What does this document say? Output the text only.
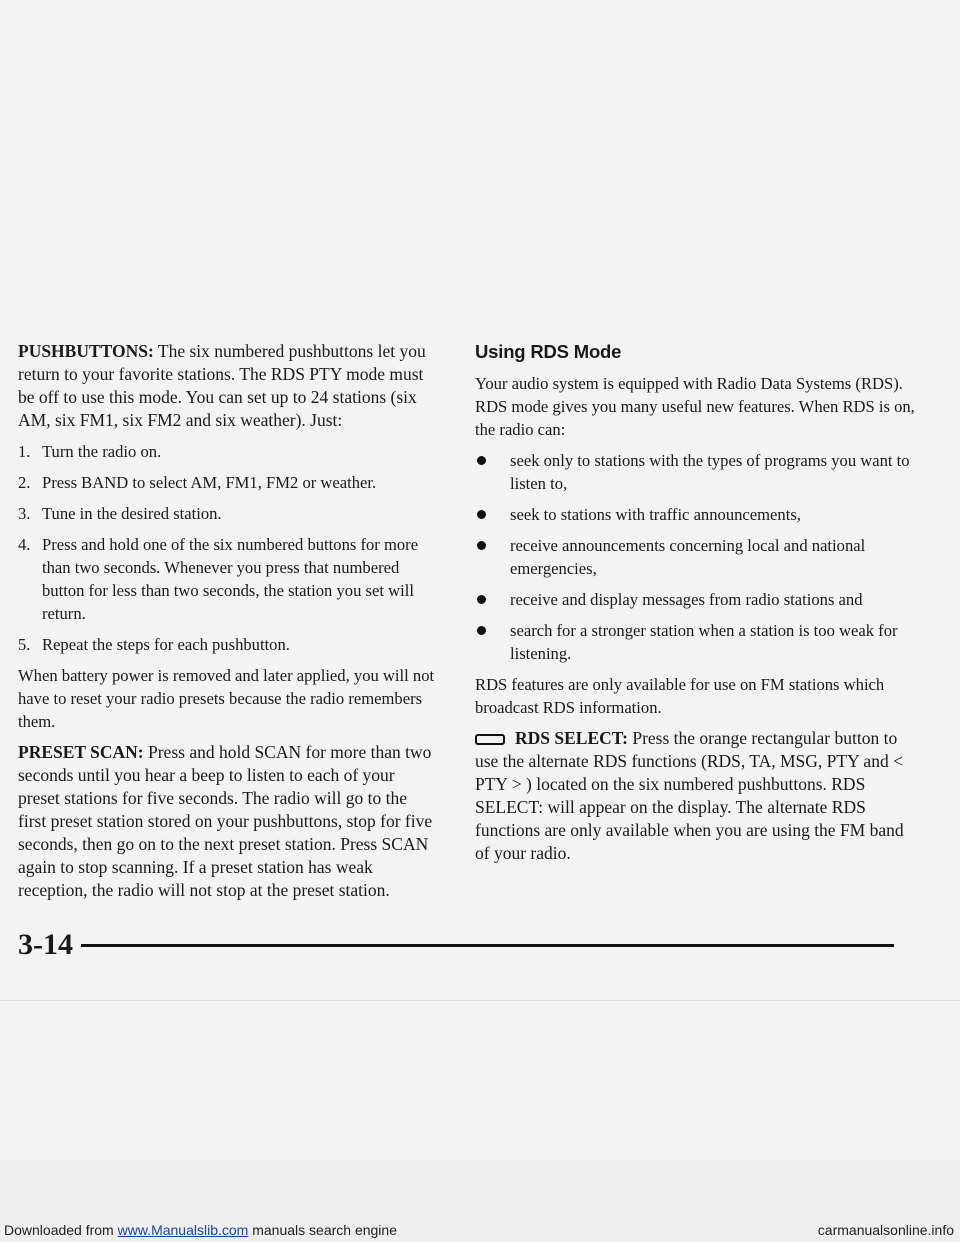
PUSHBUTTONS: The six numbered pushbuttons let you return to your favorite stations. The RDS PTY mode must be off to use this mode. You can set up to 24 stations (six AM, six FM1, six FM2 and six weather). Just:

1. Turn the radio on.
2. Press BAND to select AM, FM1, FM2 or weather.
3. Tune in the desired station.
4. Press and hold one of the six numbered buttons for more than two seconds. Whenever you press that numbered button for less than two seconds, the station you set will return.
5. Repeat the steps for each pushbutton.

When battery power is removed and later applied, you will not have to reset your radio presets because the radio remembers them.

PRESET SCAN: Press and hold SCAN for more than two seconds until you hear a beep to listen to each of your preset stations for five seconds. The radio will go to the first preset station stored on your pushbuttons, stop for five seconds, then go on to the next preset station. Press SCAN again to stop scanning. If a preset station has weak reception, the radio will not stop at the preset station.

Using RDS Mode

Your audio system is equipped with Radio Data Systems (RDS). RDS mode gives you many useful new features. When RDS is on, the radio can:

seek only to stations with the types of programs you want to listen to,
seek to stations with traffic announcements,
receive announcements concerning local and national emergencies,
receive and display messages from radio stations and
search for a stronger station when a station is too weak for listening.

RDS features are only available for use on FM stations which broadcast RDS information.

RDS SELECT: Press the orange rectangular button to use the alternate RDS functions (RDS, TA, MSG, PTY and < PTY > ) located on the six numbered pushbuttons. RDS SELECT: will appear on the display. The alternate RDS functions are only available when you are using the FM band of your radio.

3-14
Downloaded from www.Manualslib.com manuals search engine	carmanualsonline.info
